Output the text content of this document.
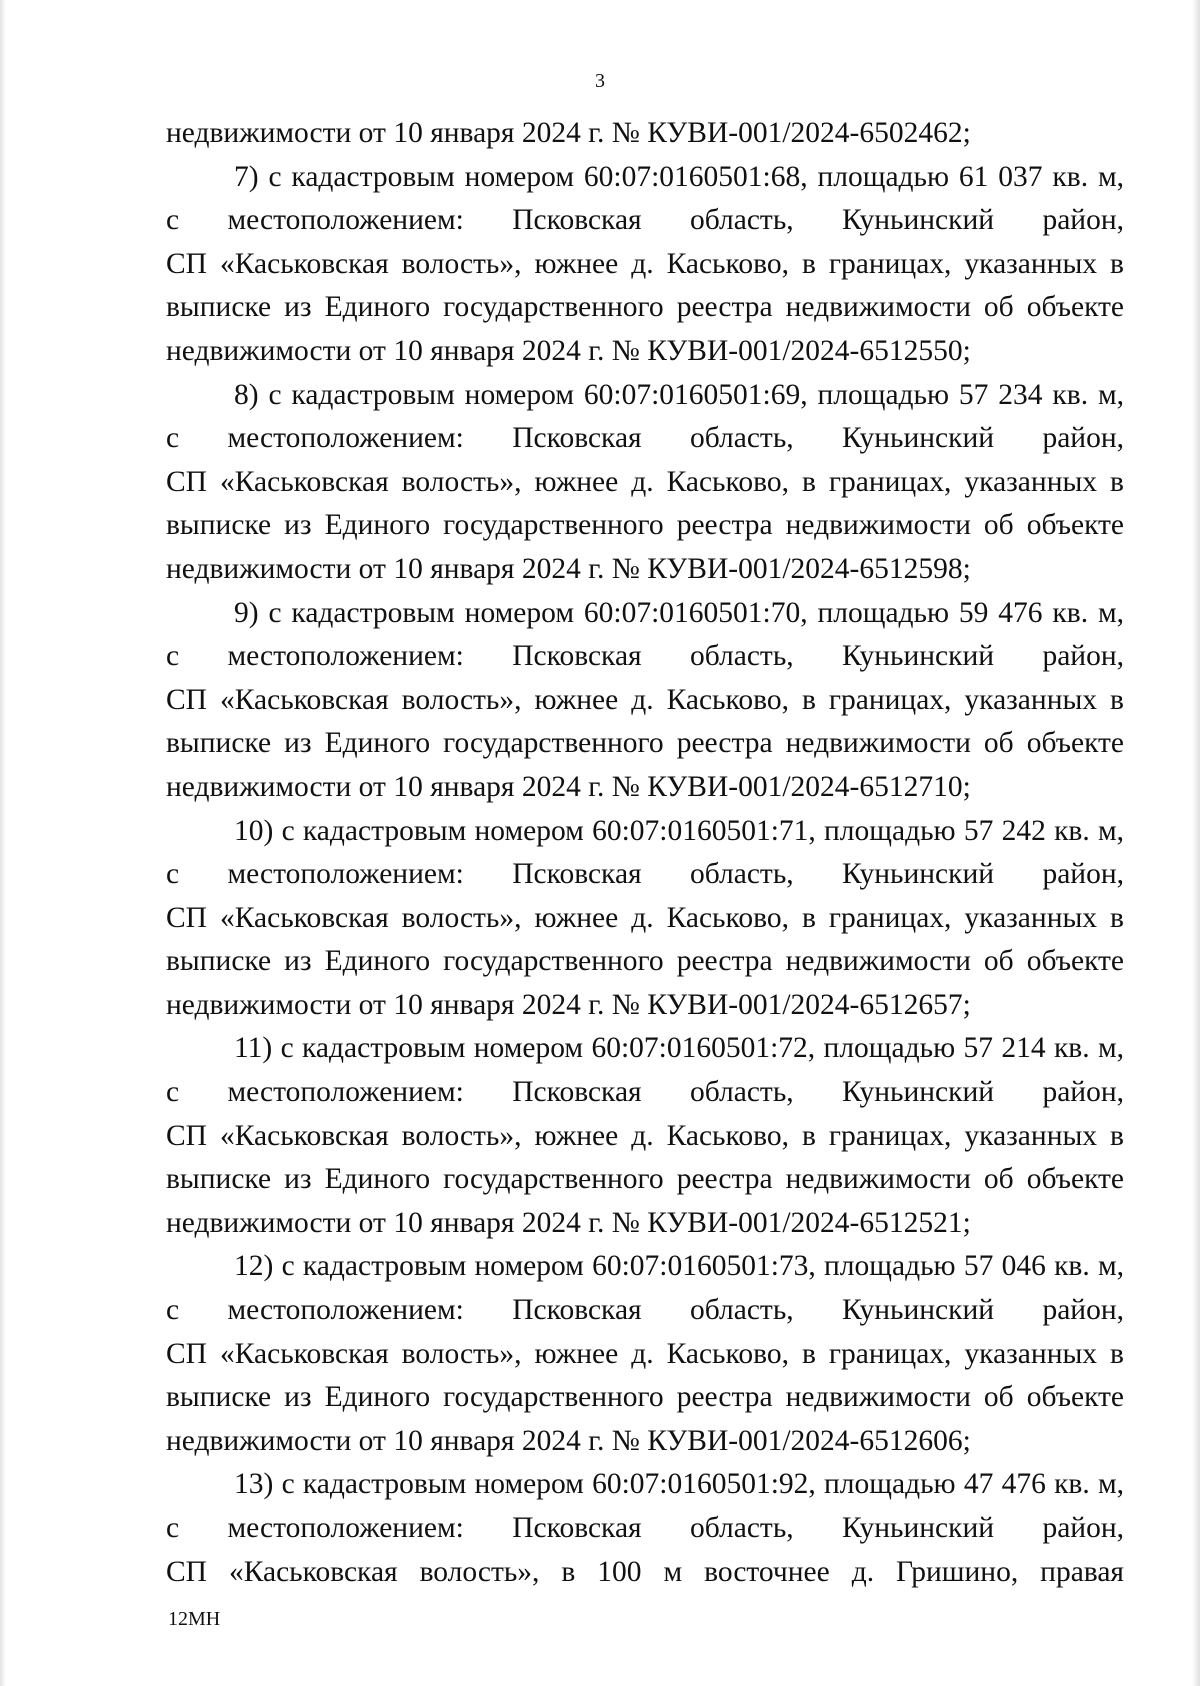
3
недвижимости от 10 января 2024 г. № КУВИ-001/2024-6502462;
7) с кадастровым номером 60:07:0160501:68, площадью 61 037 кв. м,
с местоположением: Псковская область, Куньинский район,
СП «Каськовская волость», южнее д. Каськово, в границах, указанных в
выписке из Единого государственного реестра недвижимости об объекте
недвижимости от 10 января 2024 г. № КУВИ-001/2024-6512550;
8) с кадастровым номером 60:07:0160501:69, площадью 57 234 кв. м,
с местоположением: Псковская область, Куньинский район,
СП «Каськовская волость», южнее д. Каськово, в границах, указанных в
выписке из Единого государственного реестра недвижимости об объекте
недвижимости от 10 января 2024 г. № КУВИ-001/2024-6512598;
9) с кадастровым номером 60:07:0160501:70, площадью 59 476 кв. м,
с местоположением: Псковская область, Куньинский район,
СП «Каськовская волость», южнее д. Каськово, в границах, указанных в
выписке из Единого государственного реестра недвижимости об объекте
недвижимости от 10 января 2024 г. № КУВИ-001/2024-6512710;
10) с кадастровым номером 60:07:0160501:71, площадью 57 242 кв. м,
с местоположением: Псковская область, Куньинский район,
СП «Каськовская волость», южнее д. Каськово, в границах, указанных в
выписке из Единого государственного реестра недвижимости об объекте
недвижимости от 10 января 2024 г. № КУВИ-001/2024-6512657;
11) с кадастровым номером 60:07:0160501:72, площадью 57 214 кв. м,
с местоположением: Псковская область, Куньинский район,
СП «Каськовская волость», южнее д. Каськово, в границах, указанных в
выписке из Единого государственного реестра недвижимости об объекте
недвижимости от 10 января 2024 г. № КУВИ-001/2024-6512521;
12) с кадастровым номером 60:07:0160501:73, площадью 57 046 кв. м,
с местоположением: Псковская область, Куньинский район,
СП «Каськовская волость», южнее д. Каськово, в границах, указанных в
выписке из Единого государственного реестра недвижимости об объекте
недвижимости от 10 января 2024 г. № КУВИ-001/2024-6512606;
13) с кадастровым номером 60:07:0160501:92, площадью 47 476 кв. м,
с местоположением: Псковская область, Куньинский район,
СП «Каськовская волость», в 100 м восточнее д. Гришино, правая
12МН
